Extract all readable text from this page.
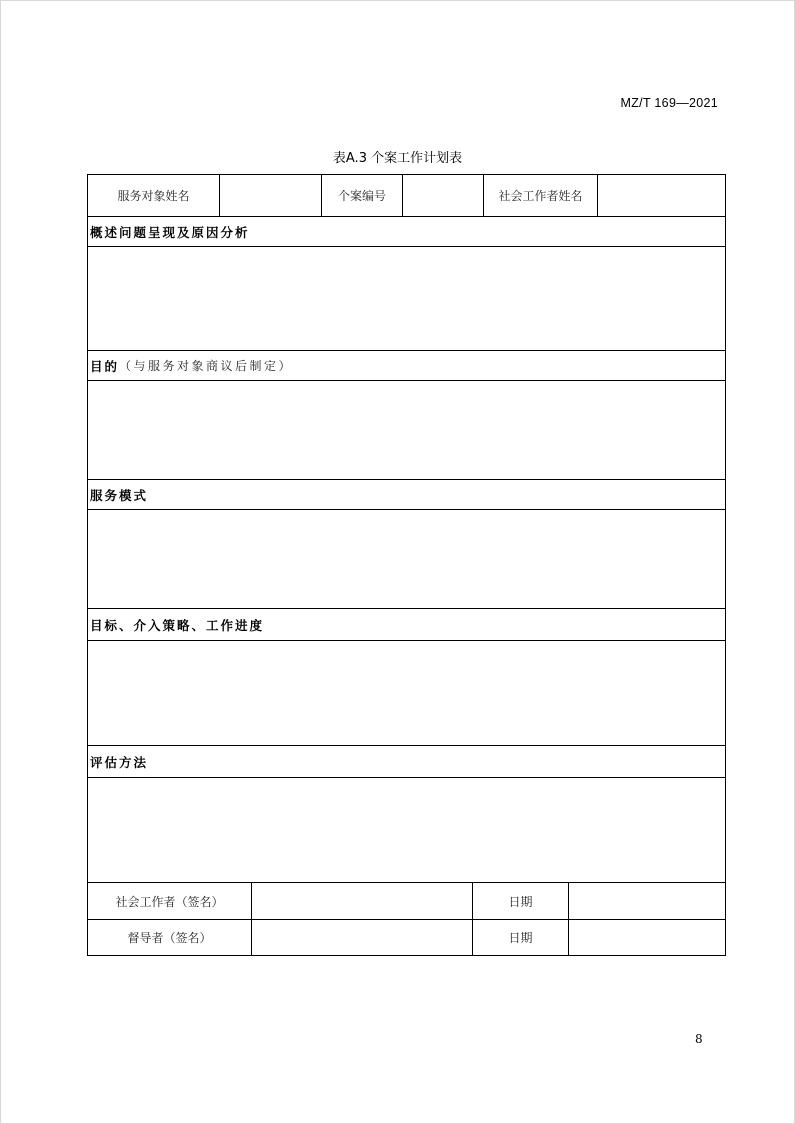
MZ/T 169—2021
表A.3 个案工作计划表
服务对象姓名	个案编号	社会工作者姓名
概述问题呈现及原因分析
目的 （与服务对象商议后制定）
服务模式
目标、介入策略、工作进度
评估方法
社会工作者（签名）	日期
督导者（签名）	日期
8
